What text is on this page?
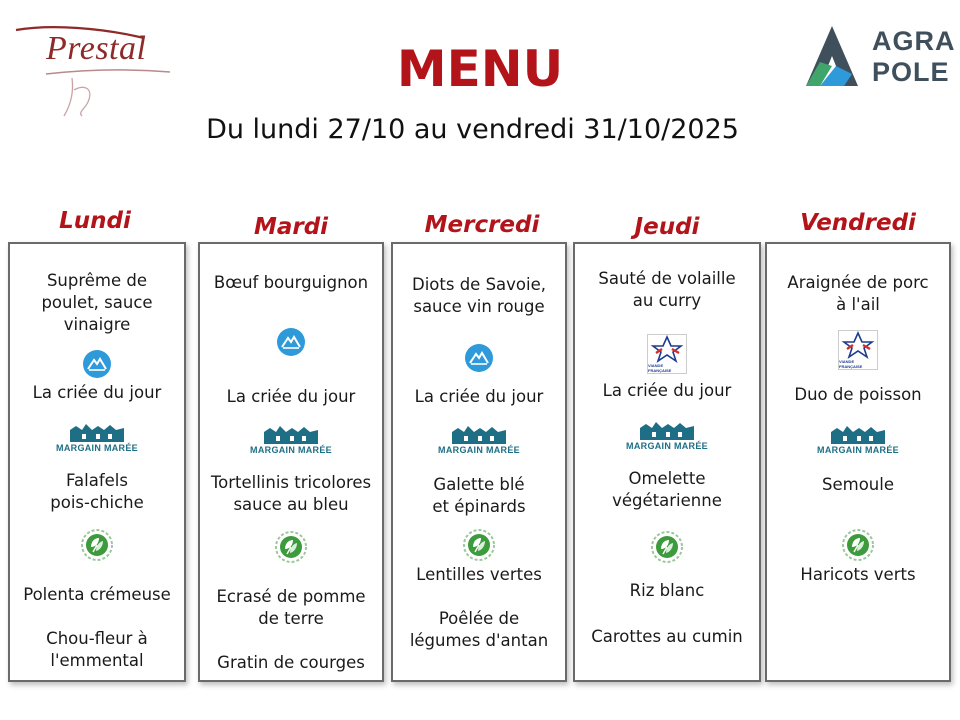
Prestal	AGRA
POLE
MENU
Du lundi 27/10 au vendredi 31/10/2025
Lundi
Suprême de
poulet, sauce
vinaigre
La criée du jour
Falafels
pois-chiche
Polenta crémeuse
Chou-fleur à
l'emmental
MARGAIN MARÉE
Mardi
Bœuf bourguignon
La criée du jour
Tortellinis tricolores
sauce au bleu
Ecrasé de pomme
de terre
Gratin de courges
MARGAIN MARÉE
Mercredi
Diots de Savoie,
sauce vin rouge
La criée du jour
Galette blé
et épinards
Lentilles vertes
Poêlée de
légumes d'antan
MARGAIN MARÉE
Jeudi
Sauté de volaille
au curry
La criée du jour
Omelette
végétarienne
Riz blanc
Carottes au cumin
VIANDE FRANÇAISE
MARGAIN MARÉE
Vendredi
Araignée de porc
à l'ail
Duo de poisson
Semoule
Haricots verts
VIANDE FRANÇAISE
MARGAIN MARÉE
